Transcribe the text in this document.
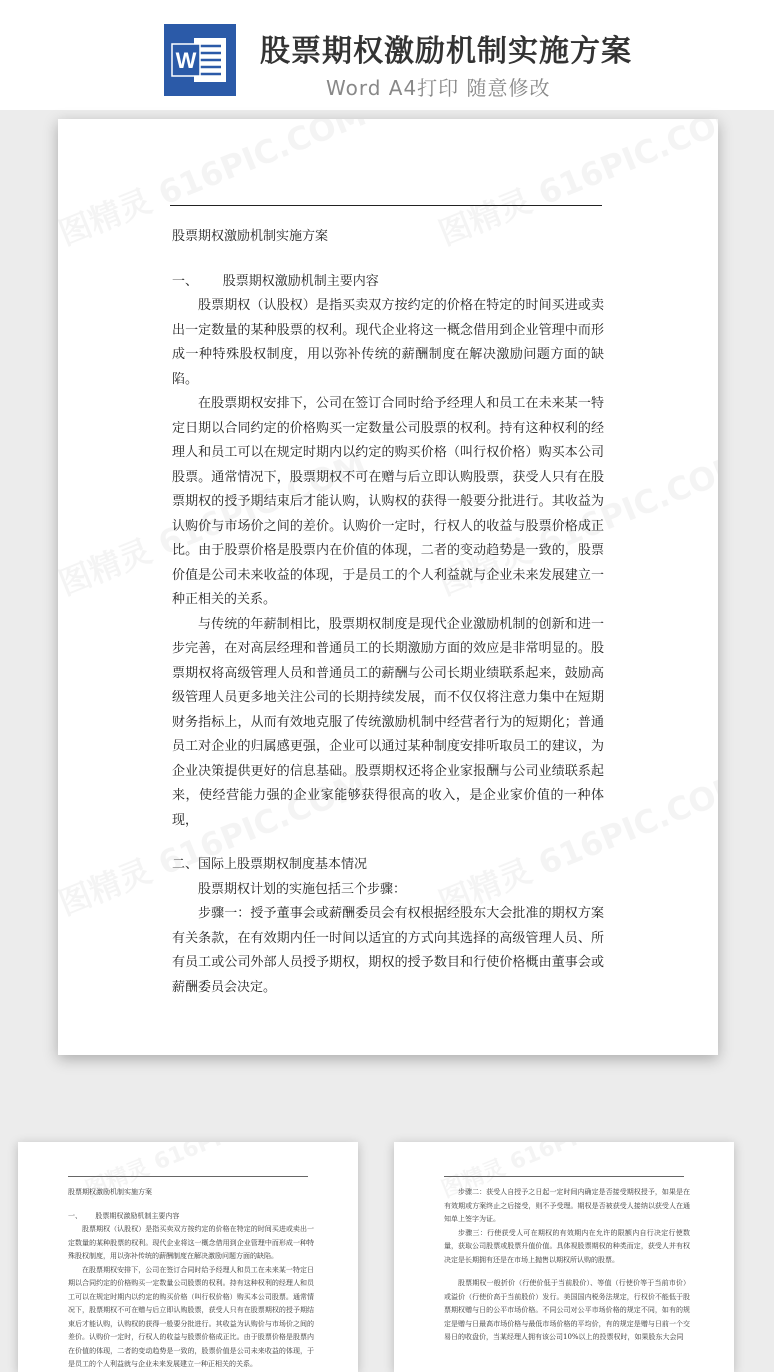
W 股票期权激励机制实施方案
Word A4打印 随意修改

股票期权激励机制实施方案

一、      股票期权激励机制主要内容

股票期权（认股权）是指买卖双方按约定的价格在特定的时间买进或卖出一定数量的某种股票的权利。现代企业将这一概念借用到企业管理中而形成一种特殊股权制度，用以弥补传统的薪酬制度在解决激励问题方面的缺陷。

在股票期权安排下，公司在签订合同时给予经理人和员工在未来某一特定日期以合同约定的价格购买一定数量公司股票的权利。持有这种权利的经理人和员工可以在规定时期内以约定的购买价格（叫行权价格）购买本公司股票。通常情况下，股票期权不可在赠与后立即认购股票，获受人只有在股票期权的授予期结束后才能认购，认购权的获得一般要分批进行。其收益为认购价与市场价之间的差价。认购价一定时，行权人的收益与股票价格成正比。由于股票价格是股票内在价值的体现，二者的变动趋势是一致的，股票价值是公司未来收益的体现，于是员工的个人利益就与企业未来发展建立一种正相关的关系。

与传统的年薪制相比，股票期权制度是现代企业激励机制的创新和进一步完善，在对高层经理和普通员工的长期激励方面的效应是非常明显的。股票期权将高级管理人员和普通员工的薪酬与公司长期业绩联系起来，鼓励高级管理人员更多地关注公司的长期持续发展，而不仅仅将注意力集中在短期财务指标上，从而有效地克服了传统激励机制中经营者行为的短期化；普通员工对企业的归属感更强，企业可以通过某种制度安排听取员工的建议，为企业决策提供更好的信息基础。股票期权还将企业家报酬与公司业绩联系起来，使经营能力强的企业家能够获得很高的收入，是企业家价值的一种体现，

二、国际上股票期权制度基本情况

股票期权计划的实施包括三个步骤：

步骤一：授予董事会或薪酬委员会有权根据经股东大会批准的期权方案有关条款，在有效期内任一时间以适宜的方式向其选择的高级管理人员、所有员工或公司外部人员授予期权，期权的授予数目和行使价格概由董事会或薪酬委员会决定。

股票期权激励机制实施方案

一、      股票期权激励机制主要内容

股票期权（认股权）是指买卖双方按约定的价格在特定的时间买进或卖出一定数量的某种股票的权利。现代企业将这一概念借用到企业管理中而形成一种特殊股权制度，用以弥补传统的薪酬制度在解决激励问题方面的缺陷。

在股票期权安排下，公司在签订合同时给予经理人和员工在未来某一特定日期以合同约定的价格购买一定数量公司股票的权利。持有这种权利的经理人和员工可以在规定时期内以约定的购买价格（叫行权价格）购买本公司股票。通常情况下，股票期权不可在赠与后立即认购股票，获受人只有在股票期权的授予期结束后才能认购，认购权的获得一般要分批进行。其收益为认购价与市场价之间的差价。认购价一定时，行权人的收益与股票价格成正比。由于股票价格是股票内在价值的体现，二者的变动趋势是一致的，股票价值是公司未来收益的体现，于是员工的个人利益就与企业未来发展建立一种正相关的关系。

步骤二：获受人自授予之日起一定时间内确定是否接受期权授予，如果是在有效期或方案终止之后接受，则不予受理。期权是否被获受人接纳以获受人在通知单上签字为证。

步骤三：行使获受人可在期权的有效期内在允许的限额内自行决定行使数量，获取公司股票或股票升值价值。具体视股票期权的种类而定，获受人并有权决定是长期拥有还是在市场上抛售以期权所认购的股票。

股票期权一般折价（行使价低于当前股价）、等值（行使价等于当前市价）或溢价（行使价高于当前股价）发行。美国国内税务法规定，行权价不能低于股票期权赠与日的公平市场价格。不同公司对公平市场价格的规定不同，如有的规定是赠与日最高市场价格与最低市场价格的平均价，有的规定是赠与日前一个交易日的收盘价，当某经理人拥有该公司10%以上的投票权时，如果股东大会同
